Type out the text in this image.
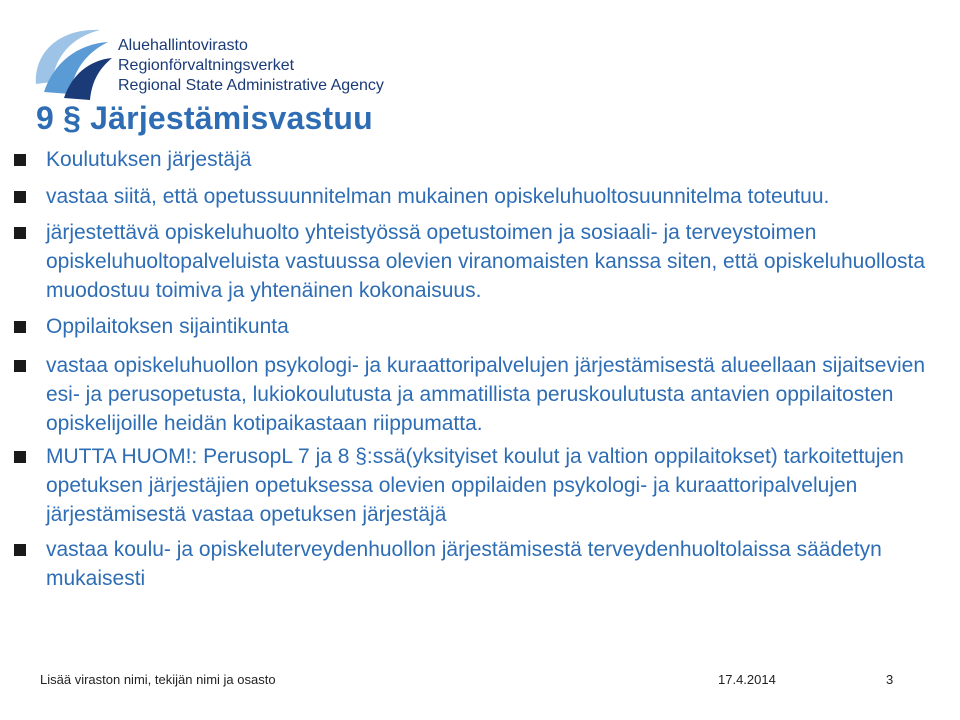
Aluehallintovirasto
Regionförvaltningsverket
Regional State Administrative Agency
9 § Järjestämisvastuu
Koulutuksen järjestäjä
vastaa siitä, että opetussuunnitelman mukainen opiskeluhuoltosuunnitelma toteutuu.
järjestettävä opiskeluhuolto yhteistyössä opetustoimen ja sosiaali- ja terveystoimen opiskeluhuoltopalveluista vastuussa olevien viranomaisten kanssa siten, että opiskeluhuollosta muodostuu toimiva ja yhtenäinen kokonaisuus.
Oppilaitoksen sijaintikunta
vastaa opiskeluhuollon psykologi- ja kuraattoripalvelujen järjestämisestä alueellaan sijaitsevien esi- ja perusopetusta, lukiokoulutusta ja ammatillista peruskoulutusta antavien oppilaitosten opiskelijoille heidän kotipaikastaan riippumatta.
MUTTA HUOM!: PerusopL 7 ja 8 §:ssä(yksityiset koulut ja valtion oppilaitokset) tarkoitettujen opetuksen järjestäjien opetuksessa olevien oppilaiden psykologi- ja kuraattoripalvelujen järjestämisestä vastaa opetuksen järjestäjä
vastaa koulu- ja opiskeluterveydenhuollon järjestämisestä terveydenhuoltolaissa säädetyn mukaisesti
Lisää viraston nimi, tekijän nimi ja osasto	17.4.2014	3
